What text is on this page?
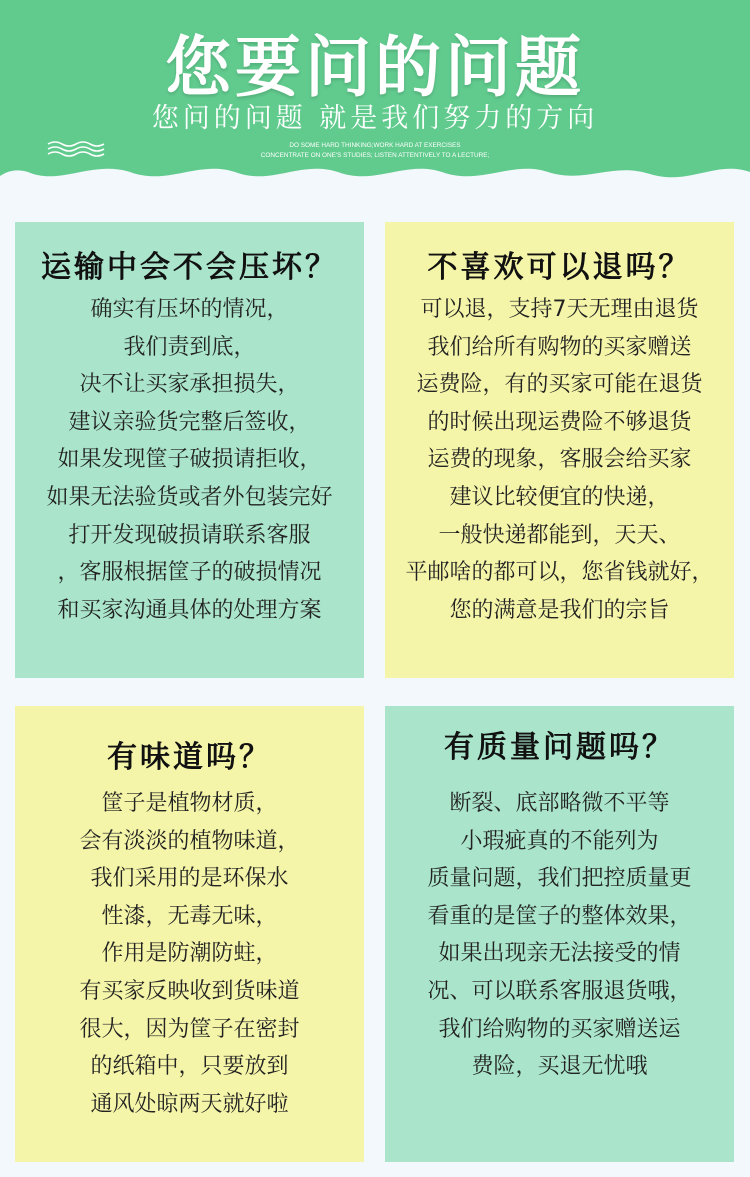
您要问的问题
您问的问题 就是我们努力的方向
DO SOME HARD THINKING;WORK HARD AT EXERCISES
CONCENTRATE ON ONE'S STUDIES; LISTEN ATTENTIVELY TO A LECTURE;
运输中会不会压坏？
确实有压坏的情况，
我们责到底，
决不让买家承担损失，
建议亲验货完整后签收，
如果发现筐子破损请拒收，
如果无法验货或者外包装完好
打开发现破损请联系客服
，客服根据筐子的破损情况
和买家沟通具体的处理方案
不喜欢可以退吗？
可以退，支持7天无理由退货
我们给所有购物的买家赠送
运费险，有的买家可能在退货
的时候出现运费险不够退货
运费的现象，客服会给买家
建议比较便宜的快递，
一般快递都能到，天天、
平邮啥的都可以，您省钱就好，
您的满意是我们的宗旨
有味道吗？
筐子是植物材质，
会有淡淡的植物味道，
我们采用的是环保水
性漆，无毒无味，
作用是防潮防蛀，
有买家反映收到货味道
很大，因为筐子在密封
的纸箱中，只要放到
通风处晾两天就好啦
有质量问题吗？
断裂、底部略微不平等
小瑕疵真的不能列为
质量问题，我们把控质量更
看重的是筐子的整体效果，
如果出现亲无法接受的情
况、可以联系客服退货哦，
我们给购物的买家赠送运
费险，买退无忧哦
